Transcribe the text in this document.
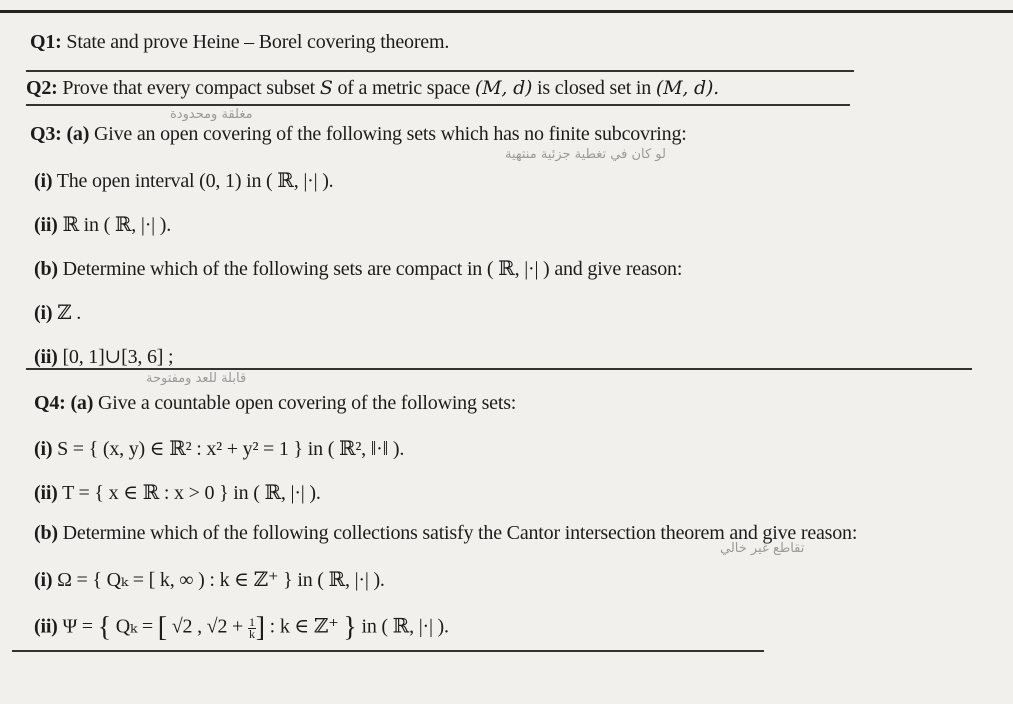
Q1: State and prove Heine – Borel covering theorem.
Q2: Prove that every compact subset S of a metric space (M, d) is closed set in (M, d).
ﻣﻐﻠﻘﺔ ﻭﻣﺤﺪﻭﺩﺓ
Q3: (a) Give an open covering of the following sets which has no finite subcovring:
ﻟﻮ ﻛﺎﻥ ﻓﻲ ﺗﻐﻄﻴﺔ ﺟﺰﺋﻴﺔ ﻣﻨﺘﻬﻴﺔ
(i) The open interval (0, 1) in ( ℝ, |·| ).
(ii) ℝ in ( ℝ, |·| ).
(b) Determine which of the following sets are compact in ( ℝ, |·| ) and give reason:
(i) ℤ .
(ii) [0, 1]∪[3, 6] ;
ﻗﺎﺑﻠﺔ ﻟﻠﻌﺪ ﻭﻣﻔﺘﻮﺣﺔ
Q4: (a) Give a countable open covering of the following sets:
(i) S = { (x, y) ∈ ℝ² : x² + y² = 1 } in ( ℝ², ‖·‖ ).
(ii) T = { x ∈ ℝ : x > 0 } in ( ℝ, |·| ).
ﺗﻘﺎﻃﻊ ﻏﻴﺮ ﺧﺎﻟﻲ
(b) Determine which of the following collections satisfy the Cantor intersection theorem and give reason:
(i) Ω = { Qₖ = [ k, ∞ ) : k ∈ ℤ⁺ } in ( ℝ, |·| ).
(ii) Ψ = { Qₖ = [ √2 , $√2 + \frac{1}{k}$ ] : k ∈ ℤ⁺ } in ( ℝ, |·| ).
